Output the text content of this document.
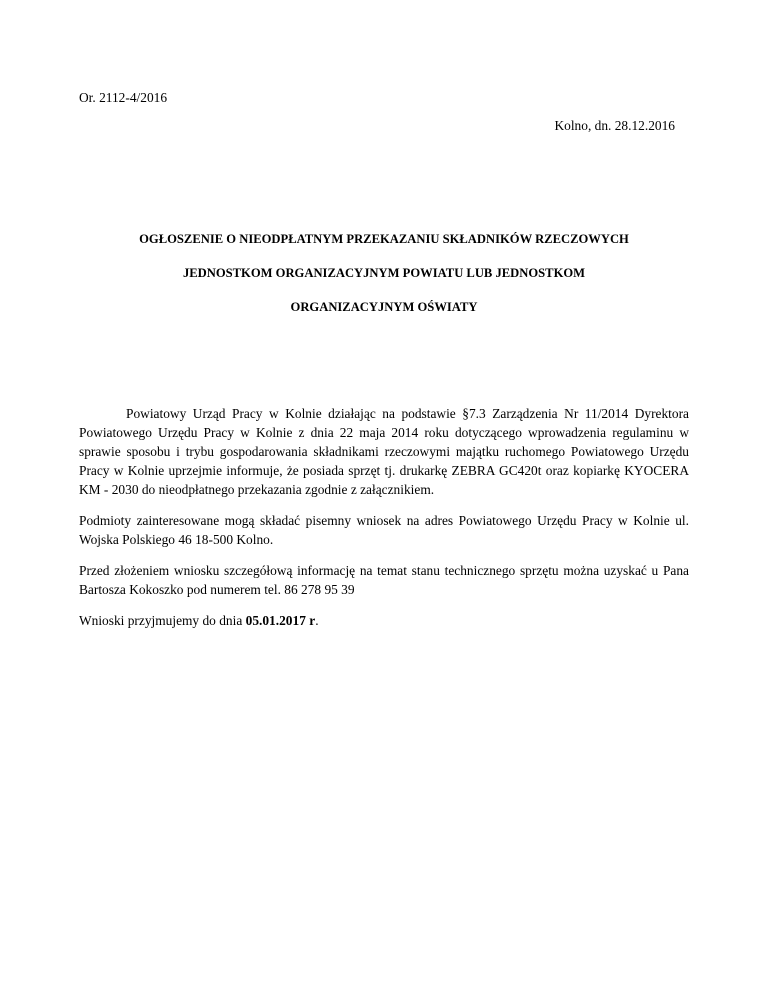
Or. 2112-4/2016
Kolno, dn. 28.12.2016
OGŁOSZENIE O NIEODPŁATNYM PRZEKAZANIU SKŁADNIKÓW RZECZOWYCH
JEDNOSTKOM ORGANIZACYJNYM POWIATU LUB JEDNOSTKOM
ORGANIZACYJNYM OŚWIATY

Powiatowy Urząd Pracy w Kolnie działając na podstawie §7.3 Zarządzenia Nr 11/2014 Dyrektora Powiatowego Urzędu Pracy w Kolnie z dnia 22 maja 2014 roku dotyczącego wprowadzenia regulaminu w sprawie sposobu i trybu gospodarowania składnikami rzeczowymi majątku ruchomego Powiatowego Urzędu Pracy w Kolnie uprzejmie informuje, że posiada sprzęt tj. drukarkę ZEBRA GC420t oraz kopiarkę KYOCERA KM - 2030 do nieodpłatnego przekazania zgodnie z załącznikiem.

Podmioty zainteresowane mogą składać pisemny wniosek na adres Powiatowego Urzędu Pracy w Kolnie ul. Wojska Polskiego 46 18-500 Kolno.

Przed złożeniem wniosku szczegółową informację na temat stanu technicznego sprzętu można uzyskać u Pana Bartosza Kokoszko pod numerem tel. 86 278 95 39

Wnioski przyjmujemy do dnia 05.01.2017 r.
